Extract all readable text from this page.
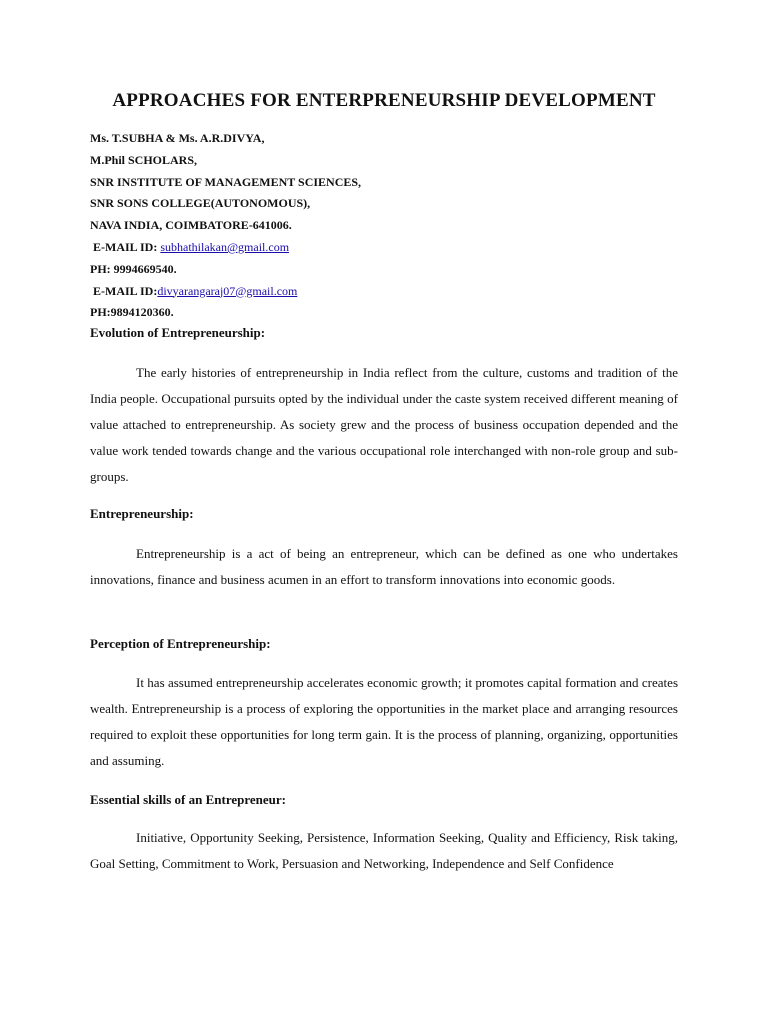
APPROACHES FOR ENTERPRENEURSHIP DEVELOPMENT
Ms. T.SUBHA & Ms. A.R.DIVYA,
M.Phil SCHOLARS,
SNR INSTITUTE OF MANAGEMENT SCIENCES,
SNR SONS COLLEGE(AUTONOMOUS),
NAVA INDIA, COIMBATORE-641006.
E-MAIL ID: subhathilakan@gmail.com
PH: 9994669540.
E-MAIL ID:divyarangaraj07@gmail.com
PH:9894120360.
Evolution of Entrepreneurship:

The early histories of entrepreneurship in India reflect from the culture, customs and tradition of the India people. Occupational pursuits opted by the individual under the caste system received different meaning of value attached to entrepreneurship. As society grew and the process of business occupation depended and the value work tended towards change and the various occupational role interchanged with non-role group and sub-groups.

Entrepreneurship:

Entrepreneurship is a act of being an entrepreneur, which can be defined as one who undertakes innovations, finance and business acumen in an effort to transform innovations into economic goods.

Perception of Entrepreneurship:

It has assumed entrepreneurship accelerates economic growth; it promotes capital formation and creates wealth. Entrepreneurship is a process of exploring the opportunities in the market place and arranging resources required to exploit these opportunities for long term gain. It is the process of planning, organizing, opportunities and assuming.

Essential skills of an Entrepreneur:

Initiative, Opportunity Seeking, Persistence, Information Seeking, Quality and Efficiency, Risk taking, Goal Setting, Commitment to Work, Persuasion and Networking, Independence and Self Confidence
